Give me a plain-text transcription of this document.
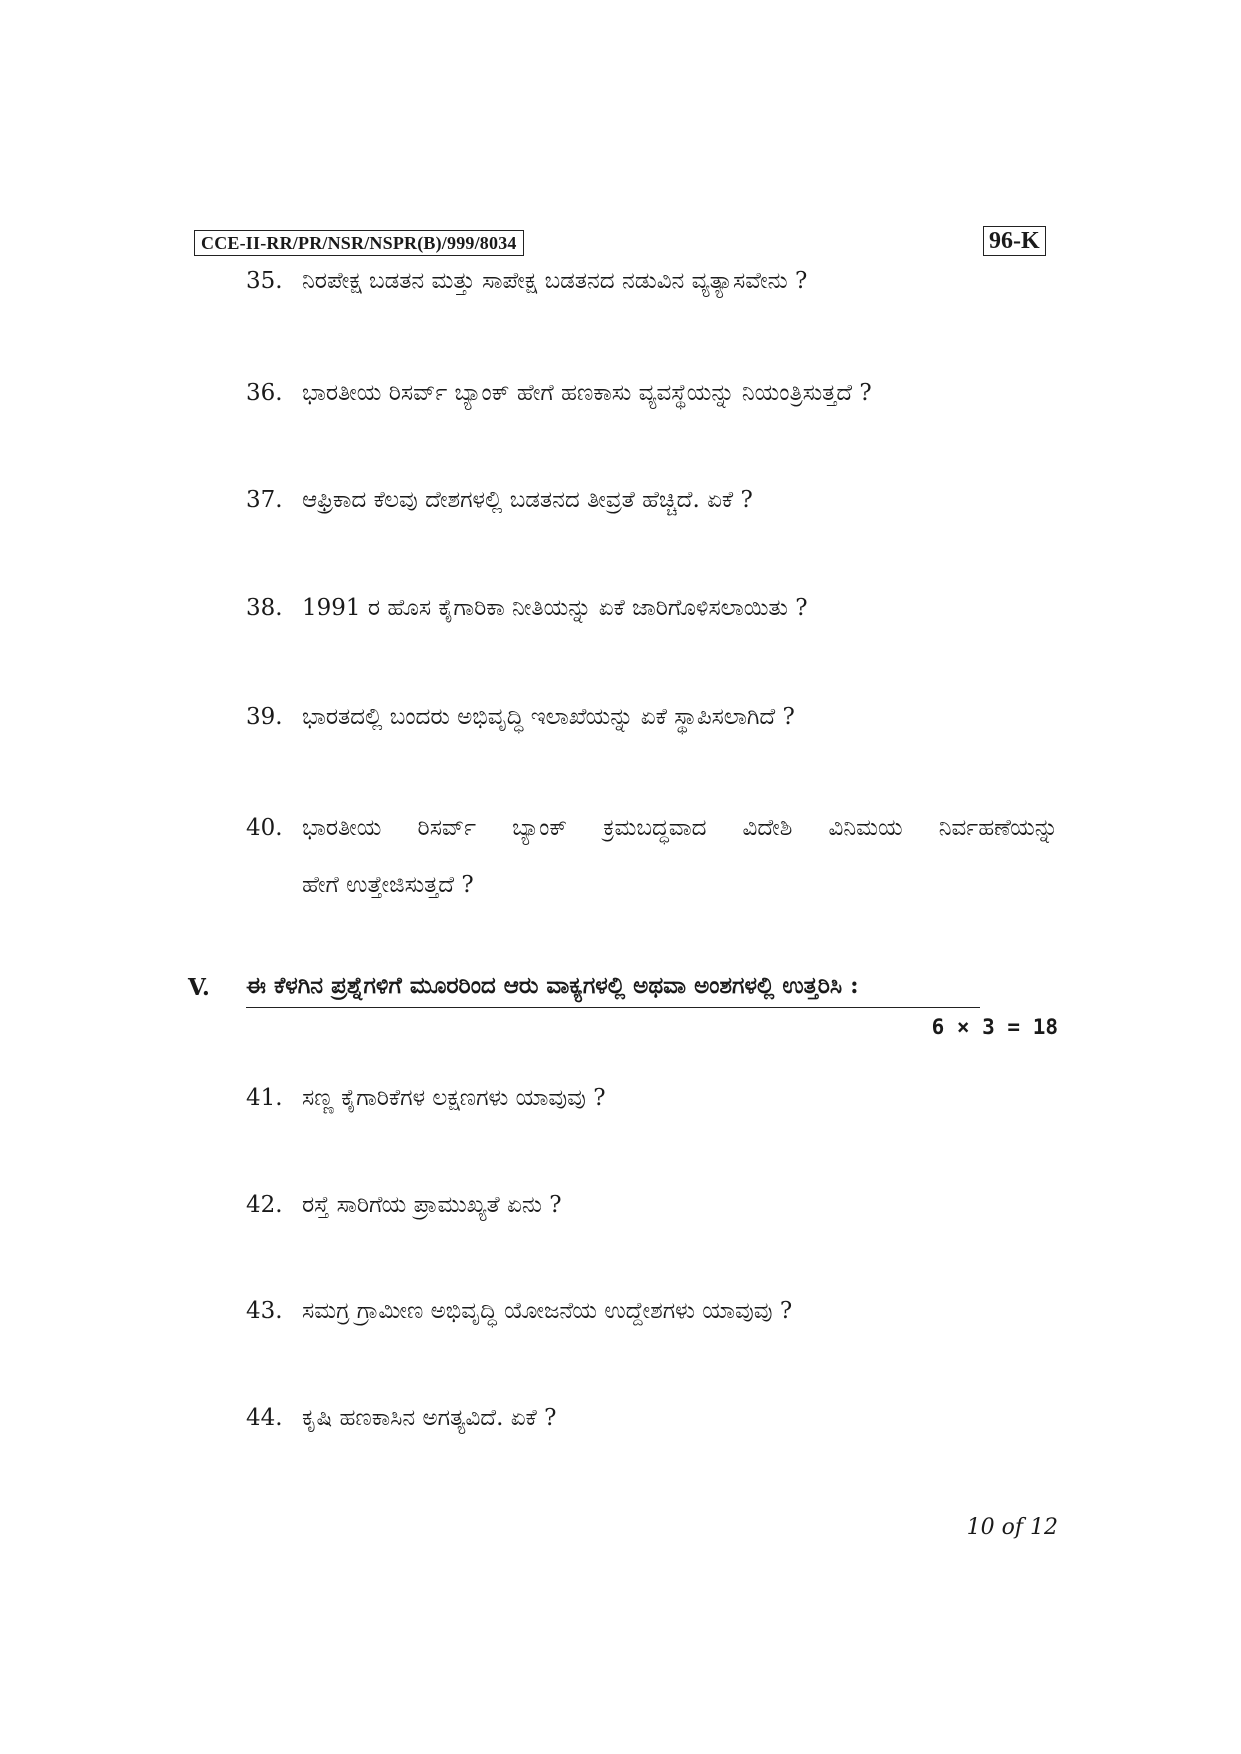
CCE-II-RR/PR/NSR/NSPR(B)/999/8034	96-K
35. ನಿರಪೇಕ್ಷ ಬಡತನ ಮತ್ತು ಸಾಪೇಕ್ಷ ಬಡತನದ ನಡುವಿನ ವ್ಯತ್ಯಾಸವೇನು ?
36. ಭಾರತೀಯ ರಿಸರ್ವ್ ಬ್ಯಾಂಕ್ ಹೇಗೆ ಹಣಕಾಸು ವ್ಯವಸ್ಥೆಯನ್ನು ನಿಯಂತ್ರಿಸುತ್ತದೆ ?
37. ಆಫ್ರಿಕಾದ ಕೆಲವು ದೇಶಗಳಲ್ಲಿ ಬಡತನದ ತೀವ್ರತೆ ಹೆಚ್ಚಿದೆ. ಏಕೆ ?
38. 1991 ರ ಹೊಸ ಕೈಗಾರಿಕಾ ನೀತಿಯನ್ನು ಏಕೆ ಜಾರಿಗೊಳಿಸಲಾಯಿತು ?
39. ಭಾರತದಲ್ಲಿ ಬಂದರು ಅಭಿವೃದ್ಧಿ ಇಲಾಖೆಯನ್ನು ಏಕೆ ಸ್ಥಾಪಿಸಲಾಗಿದೆ ?
40. ಭಾರತೀಯ ರಿಸರ್ವ್ ಬ್ಯಾಂಕ್ ಕ್ರಮಬದ್ಧವಾದ ವಿದೇಶಿ ವಿನಿಮಯ ನಿರ್ವಹಣೆಯನ್ನು
ಹೇಗೆ ಉತ್ತೇಜಿಸುತ್ತದೆ ?
V. ಈ ಕೆಳಗಿನ ಪ್ರಶ್ನೆಗಳಿಗೆ ಮೂರರಿಂದ ಆರು ವಾಕ್ಯಗಳಲ್ಲಿ ಅಥವಾ ಅಂಶಗಳಲ್ಲಿ ಉತ್ತರಿಸಿ :
6 × 3 = 18
41. ಸಣ್ಣ ಕೈಗಾರಿಕೆಗಳ ಲಕ್ಷಣಗಳು ಯಾವುವು ?
42. ರಸ್ತೆ ಸಾರಿಗೆಯ ಪ್ರಾಮುಖ್ಯತೆ ಏನು ?
43. ಸಮಗ್ರ ಗ್ರಾಮೀಣ ಅಭಿವೃದ್ಧಿ ಯೋಜನೆಯ ಉದ್ದೇಶಗಳು ಯಾವುವು ?
44. ಕೃಷಿ ಹಣಕಾಸಿನ ಅಗತ್ಯವಿದೆ. ಏಕೆ ?
10 of 12
